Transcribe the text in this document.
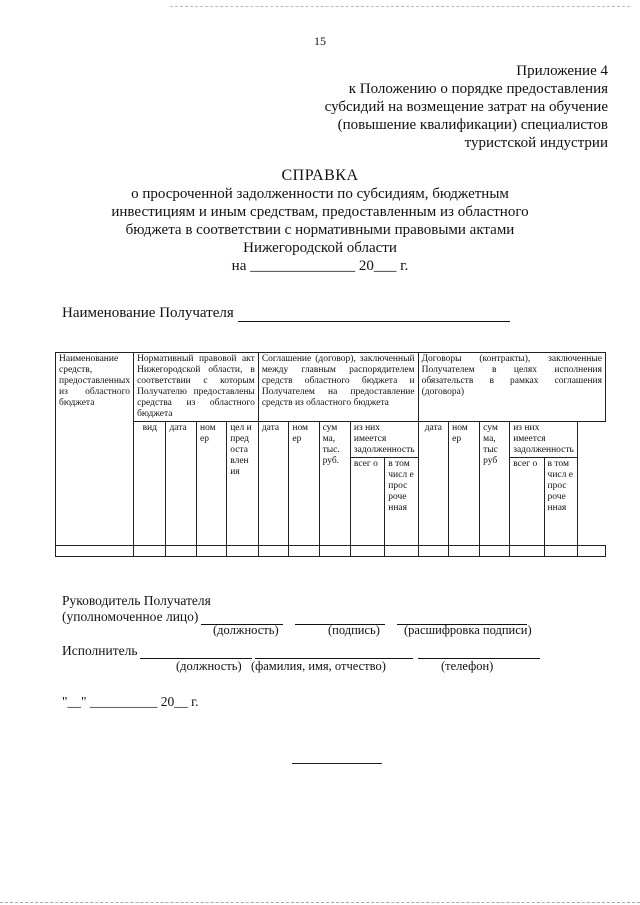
15
Приложение 4
к Положению о порядке предоставления
субсидий на возмещение затрат на обучение
(повышение квалификации) специалистов
туристской индустрии
СПРАВКА
о просроченной задолженности по субсидиям, бюджетным
инвестициям и иным средствам, предоставленным из областного
бюджета в соответствии с нормативными правовыми актами
Нижегородской области
на ______________ 20___ г.
Наименование Получателя
Наименование средств, предоставленных из областного бюджета	Нормативный правовой акт Нижегородской области, в соответствии с которым Получателю предоставлены средства из областного бюджета				Соглашение (договор), заключенный между главным распорядителем средств областного бюджета и Получателем на предоставление средств из областного бюджета					Договоры (контракты), заключенные Получателем в целях исполнения обязательств в рамках соглашения (договора)					
	вид	дата	ном ер	цел и пред оста влен ия	дата	ном ер	сум ма, тыс. руб.	из них имеется задолженность		дата	ном ер	сум ма, тыс руб	из них имеется задолженность		
								всег о	в том числ е прос роче нная				всег о	в том числ е прос роче нная	

Руководитель Получателя
(уполномоченное лицо)
(должность)	(подпись) (расшифровка подписи)
Исполнитель
(должность) (фамилия, имя, отчество)	(телефон)
"__" __________ 20__ г.
